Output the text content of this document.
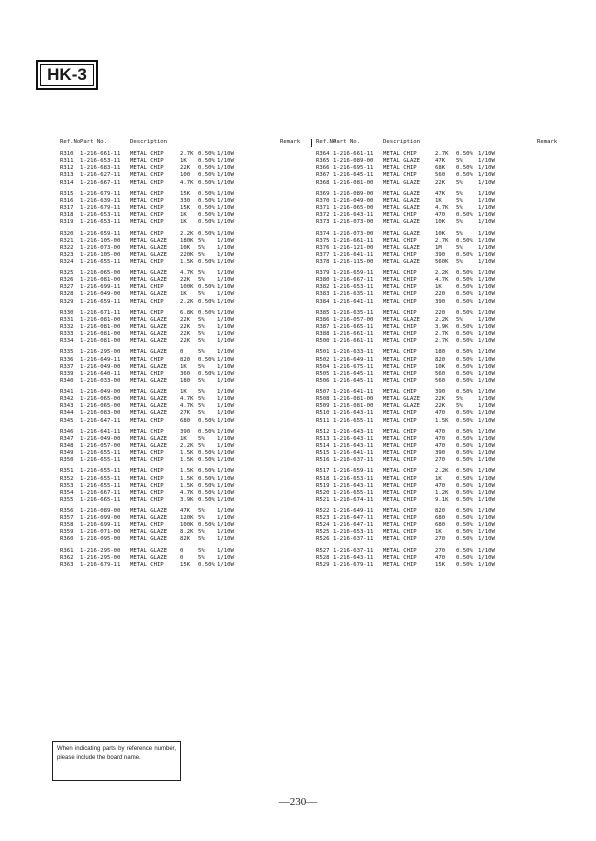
HK-3
Ref.No Part No.	Description	Remark
R310 1-216-661-11 METAL CHIP	2.7K 0.50% 1/10W
R311 1-216-653-11 METAL CHIP	1K 0.50% 1/10W
R312 1-216-683-11 METAL CHIP	22K 0.50% 1/10W
R313 1-216-627-11 METAL CHIP	100 0.50% 1/10W
R314 1-216-667-11 METAL CHIP	4.7K 0.50% 1/10W
R315 1-216-679-11 METAL CHIP	15K 0.50% 1/10W
R316 1-216-639-11 METAL CHIP	330 0.50% 1/10W
R317 1-216-679-11 METAL CHIP	15K 0.50% 1/10W
R318 1-216-653-11 METAL CHIP	1K 0.50% 1/10W
R319 1-216-653-11 METAL CHIP	1K 0.50% 1/10W
R320 1-216-659-11 METAL CHIP	2.2K 0.50% 1/10W
R321 1-216-105-00 METAL GLAZE 180K 5% 1/10W
R322 1-216-073-00 METAL GLAZE 10K 5% 1/10W
R323 1-216-105-00 METAL GLAZE 220K 5% 1/10W
R324 1-216-655-11 METAL CHIP	1.5K 0.50% 1/10W
R325 1-216-065-00 METAL GLAZE 4.7K 5% 1/10W
R326 1-216-081-00 METAL GLAZE 22K 5% 1/10W
R327 1-216-699-11 METAL CHIP	100K 0.50% 1/10W
R328 1-216-049-00 METAL GLAZE 1K 5% 1/10W
R329 1-216-659-11 METAL CHIP	2.2K 0.50% 1/10W
R330 1-216-671-11 METAL CHIP	6.8K 0.50% 1/10W
R331 1-216-081-00 METAL GLAZE 22K 5% 1/10W
R332 1-216-081-00 METAL GLAZE 22K 5% 1/10W
R333 1-216-081-00 METAL GLAZE 22K 5% 1/10W
R334 1-216-081-00 METAL GLAZE 22K 5% 1/10W
R335 1-216-295-00 METAL GLAZE 0	5% 1/10W
R336 1-216-649-11 METAL CHIP	820 0.50% 1/10W
R337 1-216-049-00 METAL GLAZE 1K 5% 1/10W
R339 1-216-640-11 METAL CHIP	360 0.50% 1/10W
R340 1-216-033-00 METAL GLAZE 180 5% 1/10W
R341 1-216-049-00 METAL GLAZE 1K 5% 1/10W
R342 1-216-065-00 METAL GLAZE 4.7K 5% 1/10W
R343 1-216-065-00 METAL GLAZE 4.7K 5% 1/10W
R344 1-216-083-00 METAL GLAZE 27K 5% 1/10W
R345 1-216-647-11 METAL CHIP	680 0.50% 1/10W
R346 1-216-641-11 METAL CHIP	390 0.50% 1/10W
R347 1-216-049-00 METAL GLAZE 1K 5% 1/10W
R348 1-216-057-00 METAL GLAZE 2.2K 5% 1/10W
R349 1-216-655-11 METAL CHIP	1.5K 0.50% 1/10W
R350 1-216-655-11 METAL CHIP	1.5K 0.50% 1/10W
R351 1-216-655-11 METAL CHIP	1.5K 0.50% 1/10W
R352 1-216-655-11 METAL CHIP	1.5K 0.50% 1/10W
R353 1-216-655-11 METAL CHIP	1.5K 0.50% 1/10W
R354 1-216-667-11 METAL CHIP	4.7K 0.50% 1/10W
R355 1-216-665-11 METAL CHIP	3.9K 0.50% 1/10W
R356 1-216-089-00 METAL GLAZE 47K 5% 1/10W
R357 1-216-099-00 METAL GLAZE 120K 5% 1/10W
R358 1-216-699-11 METAL CHIP	100K 0.50% 1/10W
R359 1-216-071-00 METAL GLAZE 8.2K 5% 1/10W
R360 1-216-095-00 METAL GLAZE 82K 5% 1/10W
R361 1-216-295-00 METAL GLAZE 0	5% 1/10W
R362 1-216-295-00 METAL GLAZE 0	5% 1/10W
R363 1-216-679-11 METAL CHIP	15K 0.50% 1/10W
Ref.No
Part No.	Description	Remark
R364 1-216-661-11 METAL CHIP	2.7K 0.50% 1/10W
R365 1-216-089-00 METAL GLAZE	47K 5%	1/10W
R366 1-216-695-11 METAL CHIP	68K 0.50% 1/10W
R367 1-216-645-11 METAL CHIP	560 0.50% 1/10W
R368 1-216-081-00 METAL GLAZE	22K 5%	1/10W
R369 1-216-089-00 METAL GLAZE	47K 5%	1/10W
R370 1-216-049-00 METAL GLAZE	1K	5%	1/10W
R371 1-216-065-00 METAL GLAZE	4.7K 5%	1/10W
R372 1-216-643-11 METAL CHIP	470 0.50% 1/10W
R373 1-216-073-00 METAL GLAZE	10K 5%	1/10W
R374 1-216-073-00 METAL GLAZE	10K 5%	1/10W
R375 1-216-661-11 METAL CHIP	2.7K 0.50% 1/10W
R376 1-216-121-00 METAL GLAZE	1M	5%	1/10W
R377 1-216-641-11 METAL CHIP	390 0.50% 1/10W
R378 1-216-115-00 METAL GLAZE	560K 5%	1/10W
R379 1-216-659-11 METAL CHIP	2.2K 0.50% 1/10W
R380 1-216-667-11 METAL CHIP	4.7K 0.50% 1/10W
R382 1-216-653-11 METAL CHIP	1K	0.50% 1/10W
R383 1-216-635-11 METAL CHIP	220 0.50% 1/10W
R384 1-216-641-11 METAL CHIP	390 0.50% 1/10W
R385 1-216-635-11 METAL CHIP	220 0.50% 1/10W
R386 1-216-057-00 METAL GLAZE	2.2K 5%	1/10W
R387 1-216-665-11 METAL CHIP	3.9K 0.50% 1/10W
R388 1-216-661-11 METAL CHIP	2.7K 0.50% 1/10W
R500 1-216-661-11 METAL CHIP	2.7K 0.50% 1/10W
R501 1-216-633-11 METAL CHIP	180 0.50% 1/10W
R502 1-216-649-11 METAL CHIP	820 0.50% 1/10W
R504 1-216-675-11 METAL CHIP	10K 0.50% 1/10W
R505 1-216-645-11 METAL CHIP	560 0.50% 1/10W
R506 1-216-645-11 METAL CHIP	560 0.50% 1/10W
R507 1-216-641-11 METAL CHIP	390 0.50% 1/10W
R508 1-216-081-00 METAL GLAZE	22K 5%	1/10W
R509 1-216-081-00 METAL GLAZE	22K 5%	1/10W
R510 1-216-643-11 METAL CHIP	470 0.50% 1/10W
R511 1-216-655-11 METAL CHIP	1.5K 0.50% 1/10W
R512 1-216-643-11 METAL CHIP	470 0.50% 1/10W
R513 1-216-643-11 METAL CHIP	470 0.50% 1/10W
R514 1-216-643-11 METAL CHIP	470 0.50% 1/10W
R515 1-216-641-11 METAL CHIP	390 0.50% 1/10W
R516 1-216-637-11 METAL CHIP	270 0.50% 1/10W
R517 1-216-659-11 METAL CHIP	2.2K 0.50% 1/10W
R518 1-216-653-11 METAL CHIP	1K	0.50% 1/10W
R519 1-216-643-11 METAL CHIP	470 0.50% 1/10W
R520 1-216-655-11 METAL CHIP	1.2K 0.50% 1/10W
R521 1-216-674-11 METAL CHIP	9.1K 0.50% 1/10W
R522 1-216-649-11 METAL CHIP	820 0.50% 1/10W
R523 1-216-647-11 METAL CHIP	680 0.50% 1/10W
R524 1-216-647-11 METAL CHIP	680 0.50% 1/10W
R525 1-216-653-11 METAL CHIP	1K	0.50% 1/10W
R526 1-216-637-11 METAL CHIP	270 0.50% 1/10W
R527 1-216-637-11 METAL CHIP	270 0.50% 1/10W
R528 1-216-643-11 METAL CHIP	470 0.50% 1/10W
R529 1-216-679-11 METAL CHIP	15K 0.50% 1/10W
When indicating parts by reference number, please include the board name.
—230—
